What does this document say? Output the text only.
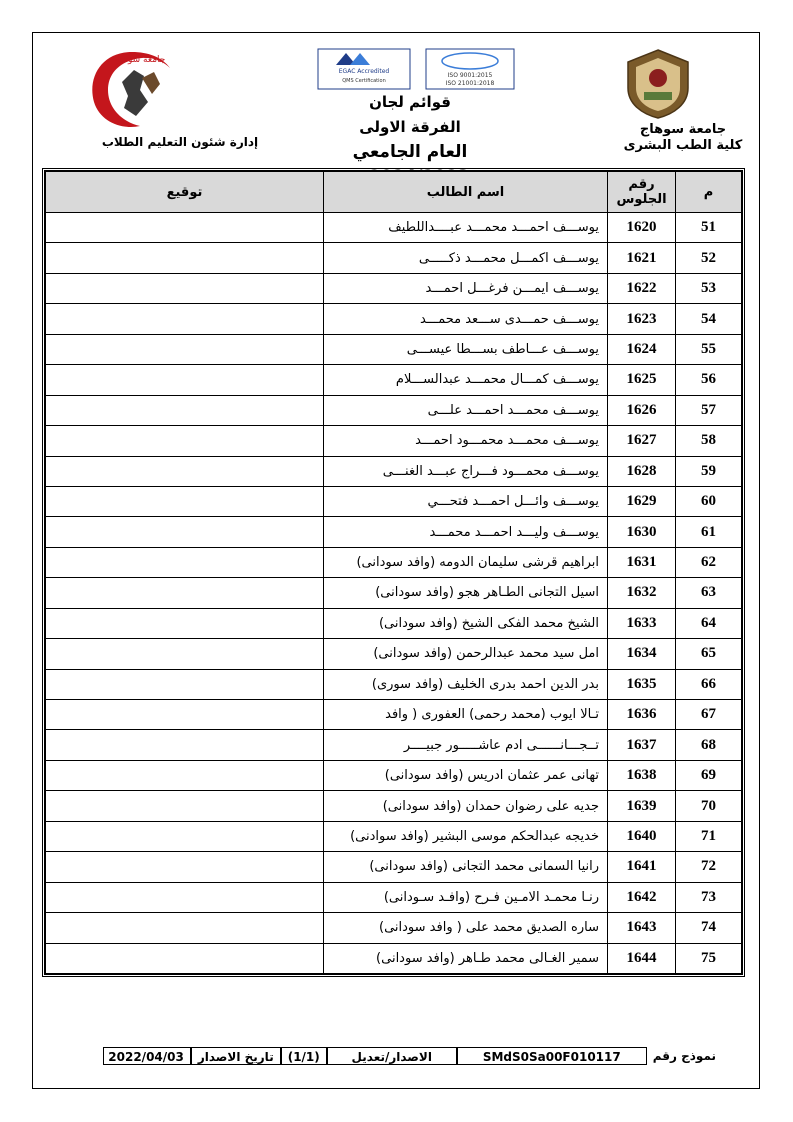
جامعة سوهاج
إدارة شئون التعليم الطلاب
EGAC Accredited
QMS Certification
ISO 9001:2015
ISO 21001:2018
قوائم لجان
الفرقة الاولى
العام الجامعي
جامعة سوهاج
كلية الطب البشرى
م	رقم الجلوس	اسم الطالب	توقيع
51	1620	يوســـف احمـــد محمـــد عبــــداللطيف	
52	1621	يوســـف اكمـــل محمـــد ذكـــــى	
53	1622	يوســـف ايمـــن فرغـــل احمـــد	
54	1623	يوســـف حمـــدى ســـعد محمـــد	
55	1624	يوســـف عـــاطف بســـطا عيســـى	
56	1625	يوســـف كمـــال محمـــد عبدالســـلام	
57	1626	يوســـف محمـــد احمـــد علـــى	
58	1627	يوســـف محمـــد محمـــود احمـــد	
59	1628	يوســـف محمـــود فـــراج عبـــد الغنـــى	
60	1629	يوســـف وائـــل احمـــد فتحـــي	
61	1630	يوســـف وليـــد احمـــد محمـــد	
62	1631	ابراهيم قرشى سليمان الدومه (وافد سودانى)	
63	1632	اسيل التجانى الطـاهر هجو (وافد سودانى)	
64	1633	الشيخ محمد الفكى الشيخ (وافد سودانى)	
65	1634	امل سيد محمد عبدالرحمن (وافد سودانى)	
66	1635	بدر الدين احمد بدرى الخليف (وافد سورى)	
67	1636	تـالا ايوب (محمد رحمى) العفورى ( وافد	
68	1637	تــجـــانــــــى ادم عاشـــــور جبيــــر	
69	1638	تهانى عمر عثمان ادريس (وافد سودانى)	
70	1639	جديه على رضوان حمدان (وافد سودانى)	
71	1640	خديجه عبدالحكم موسى البشير (وافد سوادنى)	
72	1641	رانيا السمانى محمد التجانى (وافد سودانى)	
73	1642	رنـا محمـد الامـين فـرح (وافـد سـودانى)	
74	1643	ساره الصديق محمد على ( وافد سودانى)	
75	1644	سمير الغـالى محمد طـاهر (وافد سودانى)	
نموذج رقم
SMdS0Sa00F010117
الاصدار/تعديل
(1/1)
تاريخ الاصدار
2022/04/03
